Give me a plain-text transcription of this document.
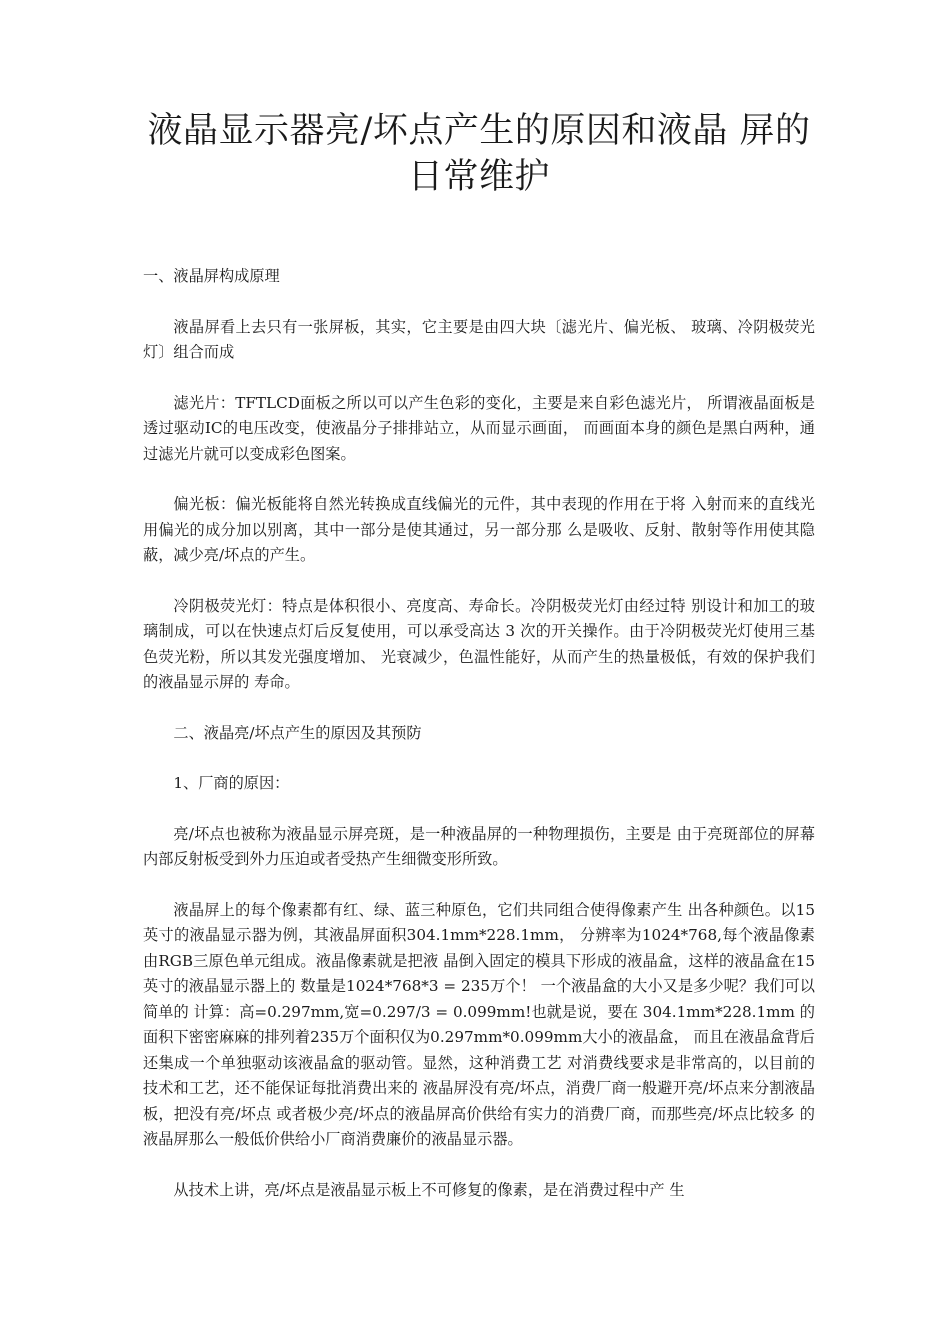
液晶显示器亮/坏点产生的原因和液晶 屏的日常维护

一、液晶屏构成原理

液晶屏看上去只有一张屏板，其实，它主要是由四大块〔滤光片、偏光板、 玻璃、冷阴极荧光灯〕组合而成

滤光片：TFTLCD面板之所以可以产生色彩的变化，主要是来自彩色滤光片， 所谓液晶面板是透过驱动IC的电压改变，使液晶分子排排站立，从而显示画面， 而画面本身的颜色是黑白两种，通过滤光片就可以变成彩色图案。

偏光板：偏光板能将自然光转换成直线偏光的元件，其中表现的作用在于将 入射而来的直线光用偏光的成分加以别离，其中一部分是使其通过，另一部分那 么是吸收、反射、散射等作用使其隐蔽，减少亮/坏点的产生。

冷阴极荧光灯：特点是体积很小、亮度高、寿命长。冷阴极荧光灯由经过特 别设计和加工的玻璃制成，可以在快速点灯后反复使用，可以承受高达 3 次的开关操作。由于冷阴极荧光灯使用三基色荧光粉，所以其发光强度增加、 光衰减少，色温性能好，从而产生的热量极低，有效的保护我们的液晶显示屏的 寿命。

二、液晶亮/坏点产生的原因及其预防

1、厂商的原因：

亮/坏点也被称为液晶显示屏亮斑，是一种液晶屏的一种物理损伤，主要是 由于亮斑部位的屏幕内部反射板受到外力压迫或者受热产生细微变形所致。

液晶屏上的每个像素都有红、绿、蓝三种原色，它们共同组合使得像素产生 出各种颜色。以15英寸的液晶显示器为例，其液晶屏面积304.1mm*228.1mm， 分辨率为1024*768,每个液晶像素由RGB三原色单元组成。液晶像素就是把液 晶倒入固定的模具下形成的液晶盒，这样的液晶盒在15英寸的液晶显示器上的 数量是1024*768*3 = 235万个！ 一个液晶盒的大小又是多少呢？我们可以简单的 计算：高=0.297mm,宽=0.297/3 = 0.099mm!也就是说，要在 304.1mm*228.1mm 的面积下密密麻麻的排列着235万个面积仅为0.297mm*0.099mm大小的液晶盒， 而且在液晶盒背后还集成一个单独驱动该液晶盒的驱动管。显然，这种消费工艺 对消费线要求是非常高的，以目前的技术和工艺，还不能保证每批消费出来的 液晶屏没有亮/坏点，消费厂商一般避开亮/坏点来分割液晶板，把没有亮/坏点 或者极少亮/坏点的液晶屏高价供给有实力的消费厂商，而那些亮/坏点比较多 的液晶屏那么一般低价供给小厂商消费廉价的液晶显示器。

从技术上讲，亮/坏点是液晶显示板上不可修复的像素，是在消费过程中产 生
